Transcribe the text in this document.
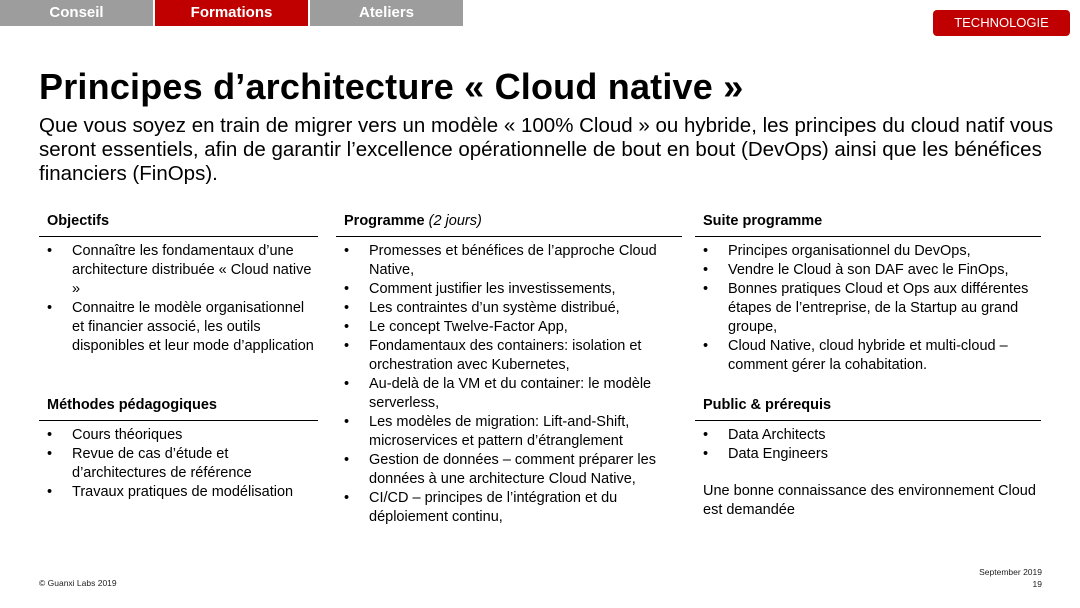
Conseil	Formations	Ateliers
TECHNOLOGIE
Principes d’architecture « Cloud native »

Que vous soyez en train de migrer vers un modèle « 100% Cloud » ou hybride, les principes du cloud natif vous seront essentiels, afin de garantir l’excellence opérationnelle de bout en bout (DevOps) ainsi que les bénéfices financiers (FinOps).

Objectifs
• Connaître les fondamentaux d’une architecture distribuée « Cloud native »
• Connaitre le modèle organisationnel et financier associé, les outils disponibles et leur mode d’application
Méthodes pédagogiques
• Cours théoriques
• Revue de cas d’étude et d’architectures de référence
• Travaux pratiques de modélisation
Programme (2 jours)
• Promesses et bénéfices de l’approche Cloud Native,
• Comment justifier les investissements,
• Les contraintes d’un système distribué,
• Le concept Twelve-Factor App,
• Fondamentaux des containers: isolation et orchestration avec Kubernetes,
• Au-delà de la VM et du container: le modèle serverless,
• Les modèles de migration: Lift-and-Shift, microservices et pattern d’étranglement
• Gestion de données – comment préparer les données à une architecture Cloud Native,
• CI/CD – principes de l’intégration et du déploiement continu,
Suite programme
• Principes organisationnel du DevOps,
• Vendre le Cloud à son DAF avec le FinOps,
• Bonnes pratiques Cloud et Ops aux différentes étapes de l’entreprise, de la Startup au grand groupe,
• Cloud Native, cloud hybride et multi-cloud – comment gérer la cohabitation.
Public & prérequis
• Data Architects
• Data Engineers

Une bonne connaissance des environnement Cloud est demandée

© Guanxi Labs 2019
September 2019
19
